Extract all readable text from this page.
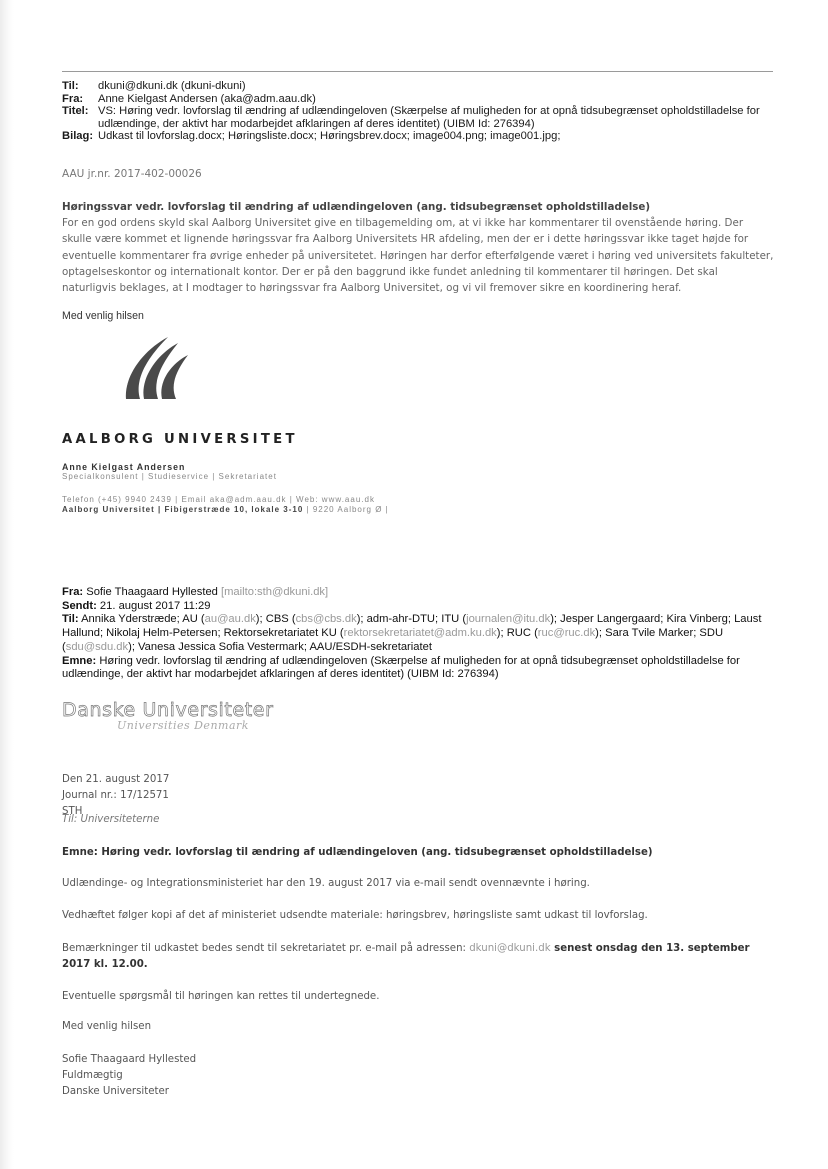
Til:	dkuni@dkuni.dk (dkuni-dkuni)
Fra:	Anne Kielgast Andersen (aka@adm.aau.dk)
Titel: VS: Høring vedr. lovforslag til ændring af udlændingeloven (Skærpelse af muligheden for at opnå tidsubegrænset opholdstilladelse for udlændinge, der aktivt har modarbejdet afklaringen af deres identitet) (UIBM Id: 276394)
Bilag: Udkast til lovforslag.docx; Høringsliste.docx; Høringsbrev.docx; image004.png; image001.jpg;
AAU jr.nr. 2017-402-00026
Høringssvar vedr. lovforslag til ændring af udlændingeloven (ang. tidsubegrænset opholdstilladelse)
For en god ordens skyld skal Aalborg Universitet give en tilbagemelding om, at vi ikke har kommentarer til ovenstående høring. Der skulle være kommet et lignende høringssvar fra Aalborg Universitets HR afdeling, men der er i dette høringssvar ikke taget højde for eventuelle kommentarer fra øvrige enheder på universitetet. Høringen har derfor efterfølgende været i høring ved universitets fakulteter, optagelseskontor og internationalt kontor. Der er på den baggrund ikke fundet anledning til kommentarer til høringen. Det skal naturligvis beklages, at I modtager to høringssvar fra Aalborg Universitet, og vi vil fremover sikre en koordinering heraf.
Med venlig hilsen
AALBORG UNIVERSITET
Anne Kielgast Andersen
Specialkonsulent | Studieservice | Sekretariatet
Telefon (+45) 9940 2439 | Email aka@adm.aau.dk | Web: www.aau.dk
Aalborg Universitet | Fibigerstræde 10, lokale 3-10 | 9220 Aalborg Ø |
Fra: Sofie Thaagaard Hyllested [mailto:sth@dkuni.dk]
Sendt: 21. august 2017 11:29
Til: Annika Yderstræde; AU (au@au.dk); CBS (cbs@cbs.dk); adm-ahr-DTU; ITU (journalen@itu.dk); Jesper Langergaard; Kira Vinberg; Laust Hallund; Nikolaj Helm-Petersen; Rektorsekretariatet KU (rektorsekretariatet@adm.ku.dk); RUC (ruc@ruc.dk); Sara Tvile Marker; SDU (sdu@sdu.dk); Vanesa Jessica Sofia Vestermark; AAU/ESDH-sekretariatet
Emne: Høring vedr. lovforslag til ændring af udlændingeloven (Skærpelse af muligheden for at opnå tidsubegrænset opholdstilladelse for udlændinge, der aktivt har modarbejdet afklaringen af deres identitet) (UIBM Id: 276394)
Danske Universiteter
Universities Denmark
Den 21. august 2017
Journal nr.: 17/12571
STH
Til: Universiteterne
Emne: Høring vedr. lovforslag til ændring af udlændingeloven (ang. tidsubegrænset opholdstilladelse)
Udlændinge- og Integrationsministeriet har den 19. august 2017 via e-mail sendt ovennævnte i høring.
Vedhæftet følger kopi af det af ministeriet udsendte materiale: høringsbrev, høringsliste samt udkast til lovforslag.
Bemærkninger til udkastet bedes sendt til sekretariatet pr. e-mail på adressen: dkuni@dkuni.dk senest onsdag den 13. september 2017 kl. 12.00.
Eventuelle spørgsmål til høringen kan rettes til undertegnede.
Med venlig hilsen
Sofie Thaagaard Hyllested
Fuldmægtig
Danske Universiteter
